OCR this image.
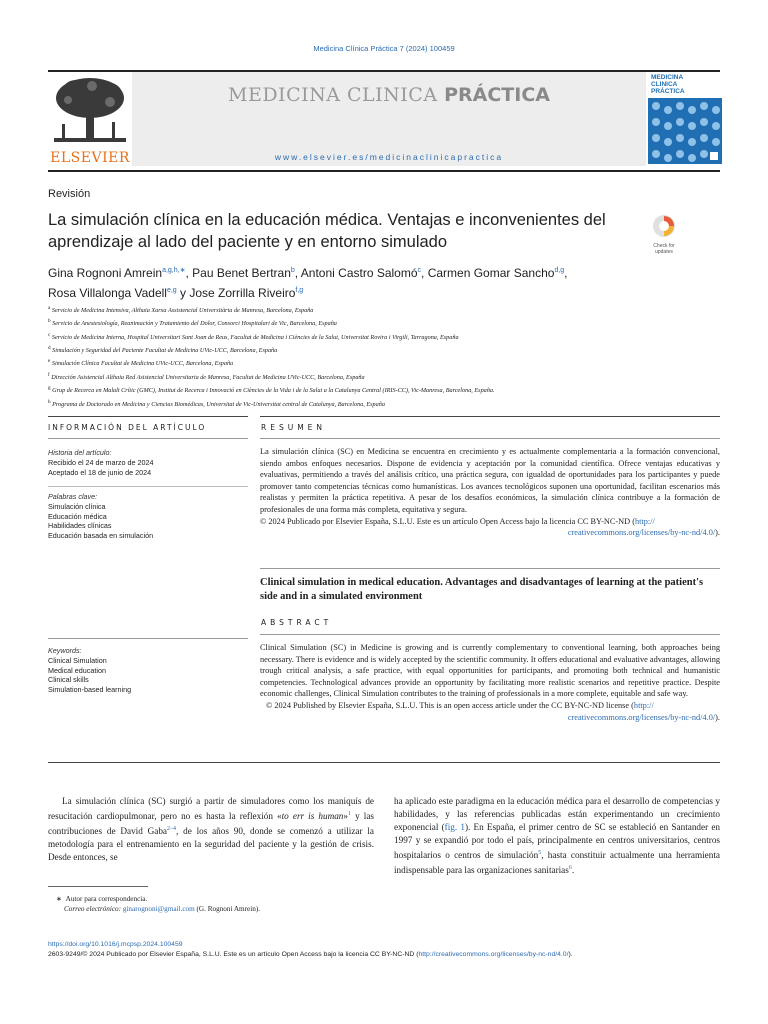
Medicina Clínica Práctica 7 (2024) 100459
ELSEVIER
MEDICINA CLINICA PRÁCTICA
www.elsevier.es/medicinaclinicapractica
MEDICINA
CLINICA
PRÁCTICA
Revisión
La simulación clínica en la educación médica. Ventajas e inconvenientes del aprendizaje al lado del paciente y en entorno simulado	Check for updates
Gina Rognoni Amrein$^{a,g,h,∗}$, Pau Benet Bertran$^b$, Antoni Castro Salomó$^c$, Carmen Gomar Sancho$^{d,g}$,
Rosa Villalonga Vadell$^{e,g}$ y Jose Zorrilla Riveiro$^{f,g}$
$^a$ Servicio de Medicina Intensiva, Althaia Xarxa Assistencial Universitària de Manresa, Barcelona, España
$^b$ Servicio de Anestesiología, Reanimación y Tratamiento del Dolor, Consorci Hospitalari de Vic, Barcelona, España
$^c$ Servicio de Medicina Interna, Hospital Universitari Sant Joan de Reus, Facultat de Medicina i Ciències de la Salut, Universitat Rovira i Virgili, Tarragona, España
$^d$ Simulación y Seguridad del Paciente Facultat de Medicina UVic-UCC, Barcelona, España
$^e$ Simulación Clínica Facultat de Medicina UVic-UCC, Barcelona, España
$^f$ Dirección Asistencial Althaia Red Asistencial Universitaria de Manresa, Facultat de Medicina UVic-UCC, Barcelona, España
$^g$ Grup de Recerca en Malalt Crític (GMC), Institut de Recerca i Innovació en Ciències de la Vida i de la Salut a la Catalunya Central (IRIS-CC), Vic-Manresa, Barcelona, España.
$^h$ Programa de Doctorado en Medicina y Ciencias Biomédicas, Universitat de Vic-Universitat central de Catalunya, Barcelona, España
INFORMACIÓN DEL ARTÍCULO
Historia del artículo:
Recibido el 24 de marzo de 2024
Aceptado el 18 de junio de 2024
Palabras clave:
Simulación clínica
Educación médica
Habilidades clínicas
Educación basada en simulación
Keywords:
Clinical Simulation
Medical education
Clinical skills
Simulation-based learning
RESUMEN
La simulación clínica (SC) en Medicina se encuentra en crecimiento y es actualmente complementaria a la formación convencional, siendo ambos enfoques necesarios. Dispone de evidencia y aceptación por la comunidad científica. Ofrece ventajas educativas y evaluativas, permitiendo a través del análisis crítico, una práctica segura, con igualdad de oportunidades para los participantes y puede promover tanto competencias técnicas como humanísticas. Los avances tecnológicos suponen una oportunidad, facilitan escenarios más realistas y permiten la práctica repetitiva. A pesar de los desafíos económicos, la simulación clínica contribuye a la formación de profesionales de una forma más completa, equitativa y segura.
© 2024 Publicado por Elsevier España, S.L.U. Este es un artículo Open Access bajo la licencia CC BY-NC-ND (http://
creativecommons.org/licenses/by-nc-nd/4.0/).
Clinical simulation in medical education. Advantages and disadvantages of learning at the patient's side and in a simulated environment
ABSTRACT
Clinical Simulation (SC) in Medicine is growing and is currently complementary to conventional learning, both approaches being necessary. There is evidence and is widely accepted by the scientific community. It offers educational and evaluative advantages, allowing trough critical analysis, a safe practice, with equal opportunities for participants, and promoting both technical and humanistic competencies. Technological advances provide an opportunity by facilitating more realistic scenarios and repetitive practice. Despite economic challenges, Clinical Simulation contributes to the training of professionals in a more complete, equitable and safe way.
© 2024 Published by Elsevier España, S.L.U. This is an open access article under the CC BY-NC-ND license (http://
creativecommons.org/licenses/by-nc-nd/4.0/).
La simulación clínica (SC) surgió a partir de simuladores como los maniquís de resucitación cardiopulmonar, pero no es hasta la reflexión «to err is human»$^1$ y las contribuciones de David Gaba$^{2-4}$, de los años 90, donde se comenzó a utilizar la metodología para el entrenamiento en la seguridad del paciente y la gestión de crisis. Desde entonces, se
ha aplicado este paradigma en la educación médica para el desarrollo de competencias y habilidades, y las referencias publicadas están experimentando un crecimiento exponencial (fig. 1). En España, el primer centro de SC se estableció en Santander en 1997 y se expandió por todo el país, principalmente en centros universitarios, centros hospitalarios o centros de simulación$^5$, hasta constituir actualmente una herramienta indispensable para las organizaciones sanitarias$^6$.
∗ Autor para correspondencia.
Correo electrónico: ginarognoni@gmail.com (G. Rognoni Amrein).
https://doi.org/10.1016/j.mcpsp.2024.100459
2603-9249/© 2024 Publicado por Elsevier España, S.L.U. Este es un artículo Open Access bajo la licencia CC BY-NC-ND (http://creativecommons.org/licenses/by-nc-nd/4.0/).
